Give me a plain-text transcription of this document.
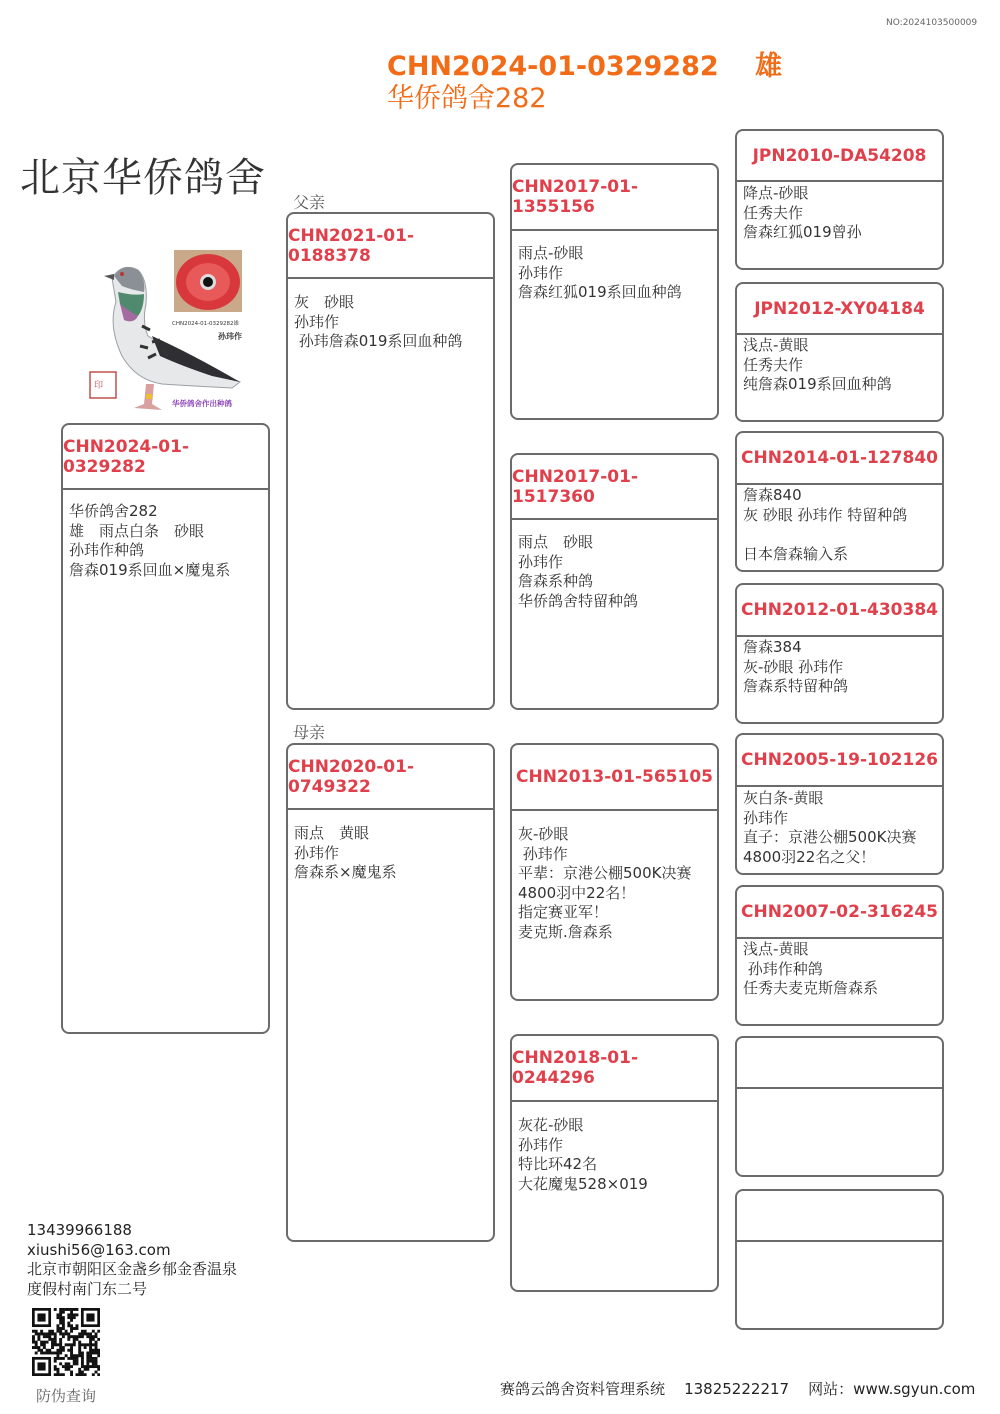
NO:2024103500009
CHN2024-01-0329282　 雄
华侨鸽舍282
北京华侨鸽舍
印
CHN2024-01-0329282雄
孙玮作
华侨鸽舍作出种鸽
CHN2024-01-0329282
华侨鸽舍282
雄　雨点白条　砂眼
孙玮作种鸽
詹森019系回血×魔鬼系
父亲
母亲
CHN2021-01-0188378
灰　砂眼
孙玮作
孙玮詹森019系回血种鸽
CHN2020-01-0749322
雨点　黄眼
孙玮作
詹森系×魔鬼系
CHN2017-01-1355156
雨点-砂眼
孙玮作
詹森红狐019系回血种鸽
CHN2017-01-1517360
雨点　砂眼
孙玮作
詹森系种鸽
华侨鸽舍特留种鸽
CHN2013-01-565105
灰-砂眼
孙玮作
平辈：京港公棚500K决赛
4800羽中22名！
指定赛亚军！
麦克斯.詹森系
CHN2018-01-0244296
灰花-砂眼
孙玮作
特比环42名
大花魔鬼528×019
JPN2010-DA54208
降点-砂眼
任秀夫作
詹森红狐019曾孙
JPN2012-XY04184
浅点-黄眼
任秀夫作
纯詹森019系回血种鸽
CHN2014-01-127840
詹森840
灰 砂眼 孙玮作 特留种鸽

日本詹森输入系
CHN2012-01-430384
詹森384
灰-砂眼 孙玮作
詹森系特留种鸽
CHN2005-19-102126
灰白条-黄眼
孙玮作
直子：京港公棚500K决赛
4800羽22名之父！
CHN2007-02-316245
浅点-黄眼
孙玮作种鸽
任秀夫麦克斯詹森系
13439966188
xiushi56@163.com
北京市朝阳区金盏乡郁金香温泉
度假村南门东二号
防伪查询	赛鸽云鸽舍资料管理系统 13825222217 网站：www.sgyun.com
